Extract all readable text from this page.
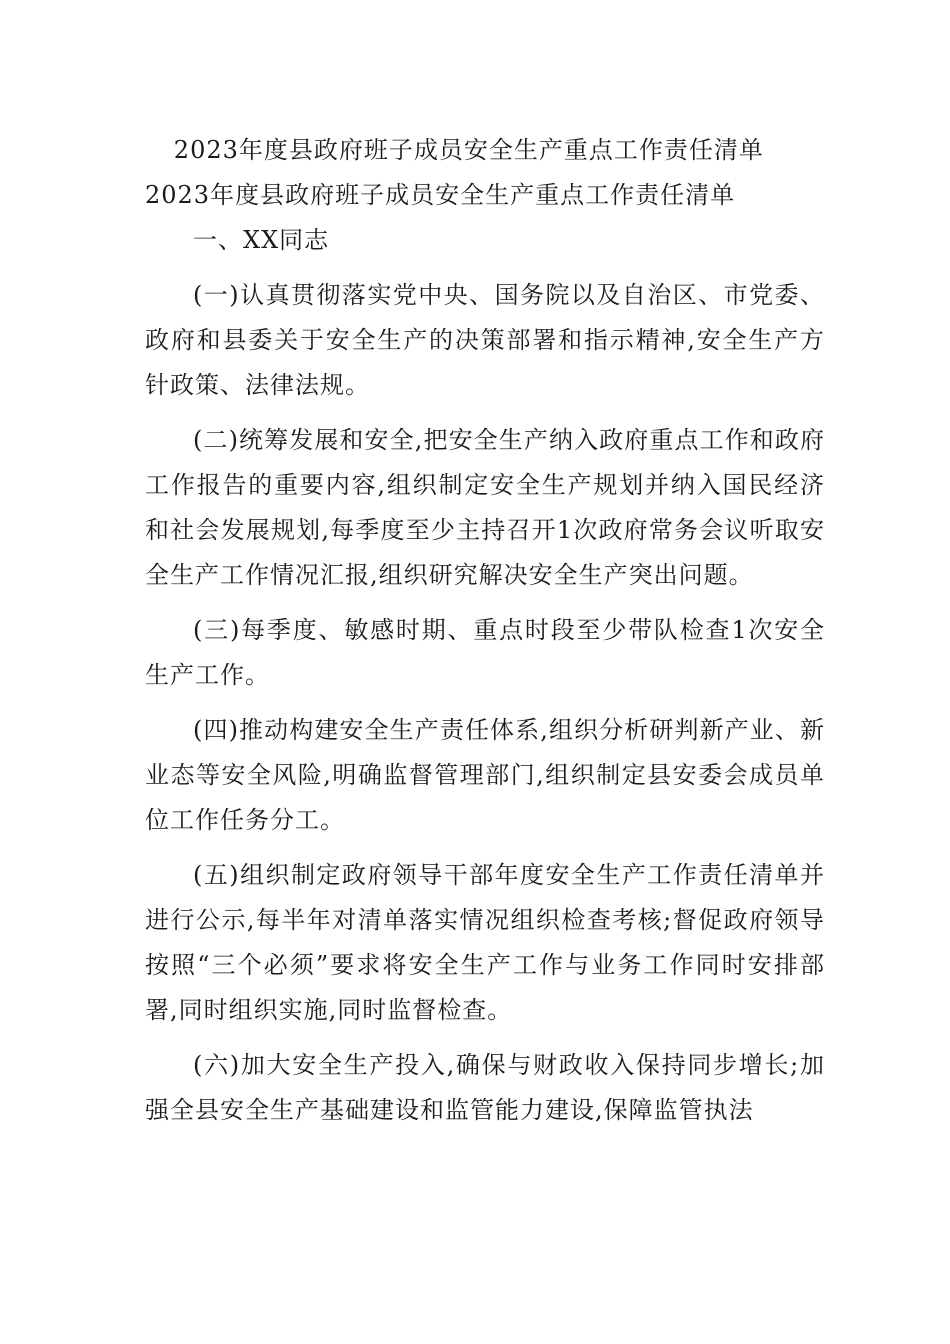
2023年度县政府班子成员安全生产重点工作责任清单

2023年度县政府班子成员安全生产重点工作责任清单

一、XX同志

(一)认真贯彻落实党中央、国务院以及自治区、市党委、政府和县委关于安全生产的决策部署和指示精神,安全生产方针政策、法律法规。

(二)统筹发展和安全,把安全生产纳入政府重点工作和政府工作报告的重要内容,组织制定安全生产规划并纳入国民经济和社会发展规划,每季度至少主持召开1次政府常务会议听取安全生产工作情况汇报,组织研究解决安全生产突出问题。

(三)每季度、敏感时期、重点时段至少带队检查1次安全生产工作。

(四)推动构建安全生产责任体系,组织分析研判新产业、新业态等安全风险,明确监督管理部门,组织制定县安委会成员单位工作任务分工。

(五)组织制定政府领导干部年度安全生产工作责任清单并进行公示,每半年对清单落实情况组织检查考核;督促政府领导按照“三个必须”要求将安全生产工作与业务工作同时安排部署,同时组织实施,同时监督检查。

(六)加大安全生产投入,确保与财政收入保持同步增长;加强全县安全生产基础建设和监管能力建设,保障监管执法
